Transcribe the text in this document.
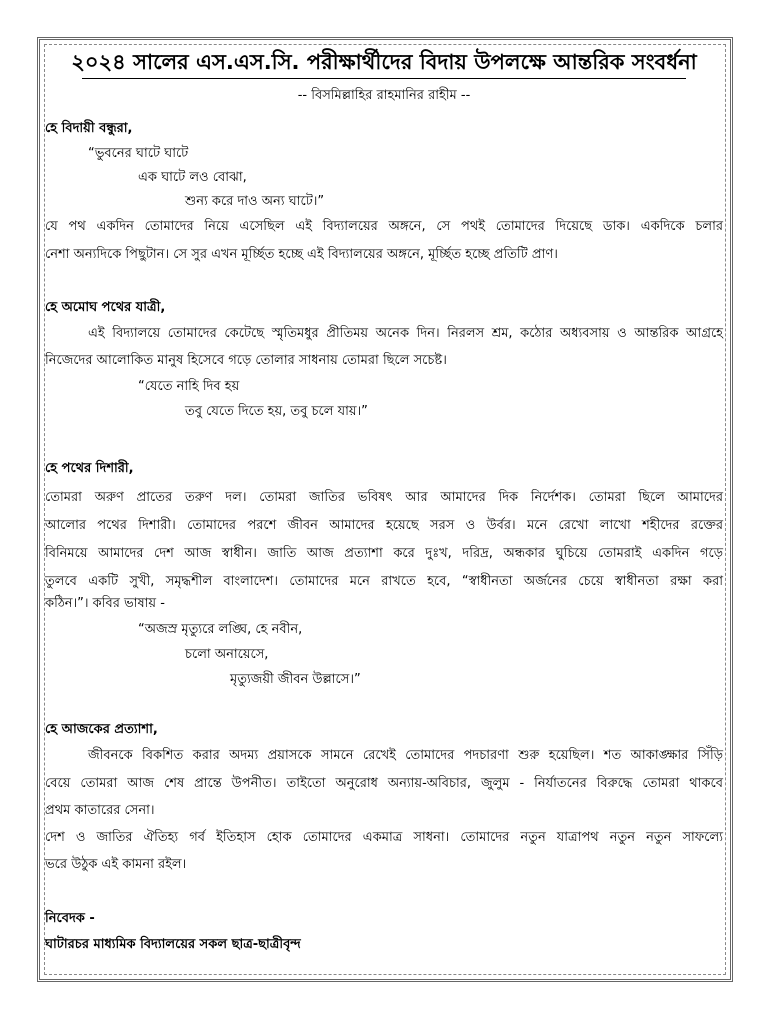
২০২৪ সালের এস.এস.সি. পরীক্ষার্থীদের বিদায় উপলক্ষে আন্তরিক সংবর্ধনা
-- বিসমিল্লাহির রাহমানির রাহীম --
হে বিদায়ী বন্ধুরা,
“ভুবনের ঘাটে ঘাটে
এক ঘাটে লও বোঝা,
শুন্য করে দাও অন্য ঘাটে।”
যে পথ একদিন তোমাদের নিয়ে এসেছিল এই বিদ্যালয়ের অঙ্গনে, সে পথই তোমাদের দিয়েছে ডাক। একদিকে চলার
নেশা অন্যদিকে পিছুটান। সে সুর এখন মূর্চ্ছিত হচ্ছে এই বিদ্যালয়ের অঙ্গনে, মূর্চ্ছিত হচ্ছে প্রতিটি প্রাণ।
হে অমোঘ পথের যাত্রী,
এই বিদ্যালয়ে তোমাদের কেটেছে স্মৃতিমধুর প্রীতিময় অনেক দিন। নিরলস শ্রম, কঠোর অধ্যবসায় ও আন্তরিক আগ্রহে
নিজেদের আলোকিত মানুষ হিসেবে গড়ে তোলার সাধনায় তোমরা ছিলে সচেষ্ট।
“যেতে নাহি দিব হয়
তবু যেতে দিতে হয়, তবু চলে যায়।”
হে পথের দিশারী,
তোমরা অরুণ প্রাতের তরুণ দল। তোমরা জাতির ভবিষৎ আর আমাদের দিক নির্দেশক। তোমরা ছিলে আমাদের
আলোর পথের দিশারী। তোমাদের পরশে জীবন আমাদের হয়েছে সরস ও উর্বর। মনে রেখো লাখো শহীদের রক্তের
বিনিময়ে আমাদের দেশ আজ স্বাধীন। জাতি আজ প্রত্যাশা করে দুঃখ, দরিদ্র, অন্ধকার ঘুচিয়ে তোমরাই একদিন গড়ে
তুলবে একটি সুখী, সমৃদ্ধশীল বাংলাদেশ। তোমাদের মনে রাখতে হবে, “স্বাধীনতা অর্জনের চেয়ে স্বাধীনতা রক্ষা করা
কঠিন।”। কবির ভাষায় -
“অজস্র মৃত্যুরে লঙ্ঘি, হে নবীন,
চলো অনায়েসে,
মৃত্যুজয়ী জীবন উল্লাসে।”
হে আজকের প্রত্যাশা,
জীবনকে বিকশিত করার অদম্য প্রয়াসকে সামনে রেখেই তোমাদের পদচারণা শুরু হয়েছিল। শত আকাঙ্ক্ষার সিঁড়ি
বেয়ে তোমরা আজ শেষ প্রান্তে উপনীত। তাইতো অনুরোধ অন্যায়-অবিচার, জুলুম - নির্যাতনের বিরুদ্ধে তোমরা থাকবে
প্রথম কাতারের সেনা।
দেশ ও জাতির ঐতিহ্য গর্ব ইতিহাস হোক তোমাদের একমাত্র সাধনা। তোমাদের নতুন যাত্রাপথ নতুন নতুন সাফল্যে
ভরে উঠুক এই কামনা রইল।
নিবেদক -
ঘাটারচর মাধ্যমিক বিদ্যালয়ের সকল ছাত্র-ছাত্রীবৃন্দ
